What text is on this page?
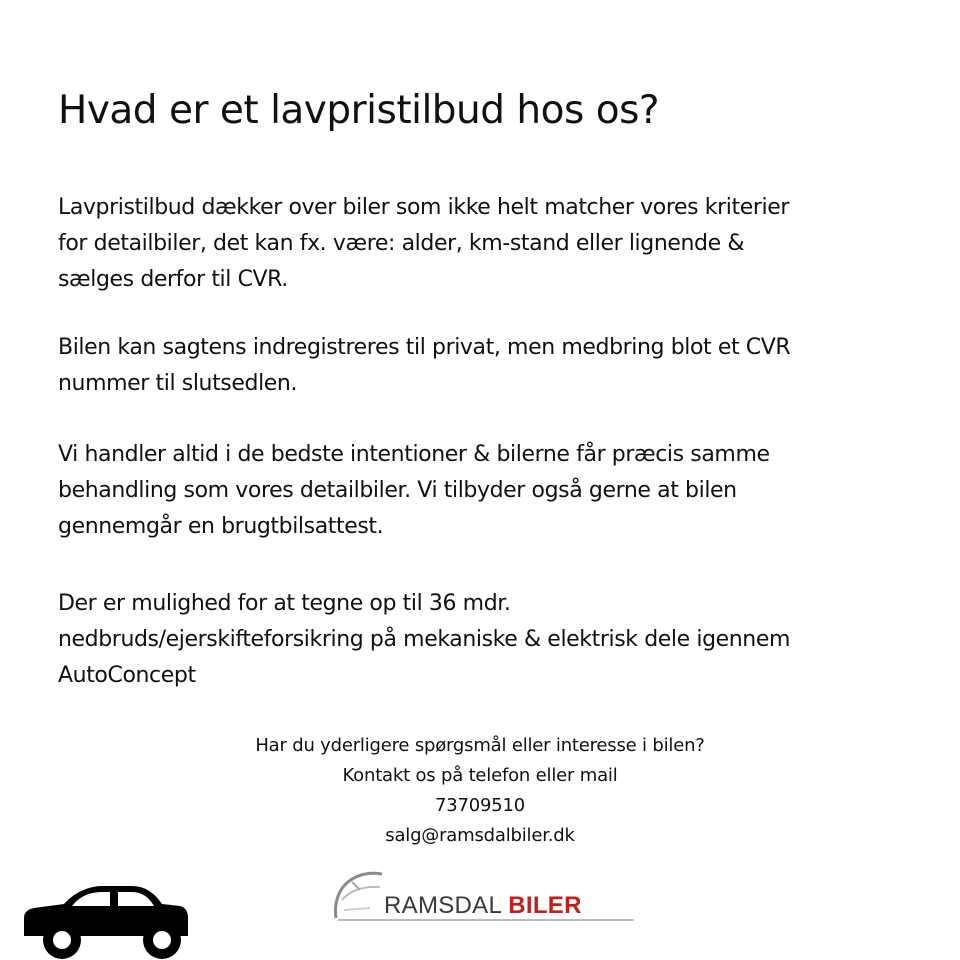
Hvad er et lavpristilbud hos os?
Lavpristilbud dækker over biler som ikke helt matcher vores kriterier
for detailbiler, det kan fx. være: alder, km-stand eller lignende &
sælges derfor til CVR.
Bilen kan sagtens indregistreres til privat, men medbring blot et CVR
nummer til slutsedlen.
Vi handler altid i de bedste intentioner & bilerne får præcis samme
behandling som vores detailbiler. Vi tilbyder også gerne at bilen
gennemgår en brugtbilsattest.
Der er mulighed for at tegne op til 36 mdr.
nedbruds/ejerskifteforsikring på mekaniske & elektrisk dele igennem
AutoConcept
Har du yderligere spørgsmål eller interesse i bilen?
Kontakt os på telefon eller mail
73709510
salg@ramsdalbiler.dk
RAMSDAL BILER
